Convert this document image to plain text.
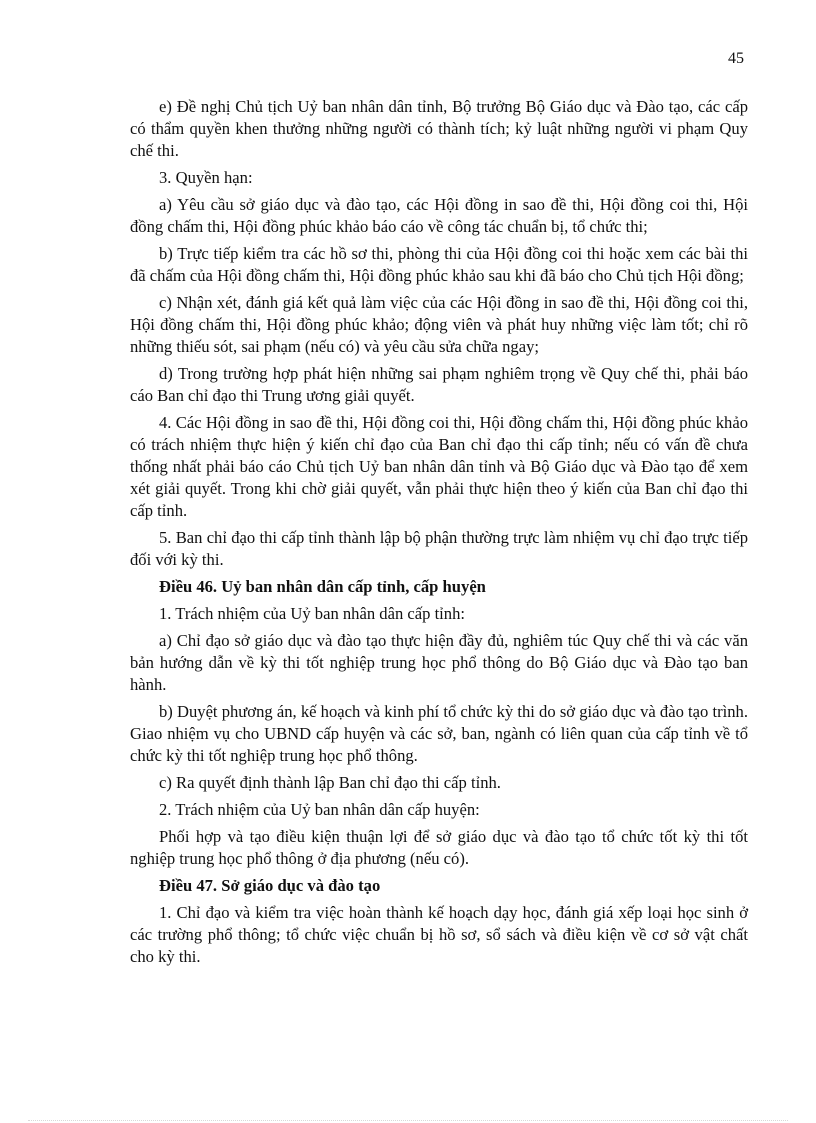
45

e) Đề nghị Chủ tịch Uỷ ban nhân dân tỉnh, Bộ trưởng Bộ Giáo dục và Đào tạo, các cấp có thẩm quyền khen thưởng những người có thành tích; kỷ luật những người vi phạm Quy chế thi.

3. Quyền hạn:

a) Yêu cầu sở giáo dục và đào tạo, các Hội đồng in sao đề thi, Hội đồng coi thi, Hội đồng chấm thi, Hội đồng phúc khảo báo cáo về công tác chuẩn bị, tổ chức thi;

b) Trực tiếp kiểm tra các hồ sơ thi, phòng thi của Hội đồng coi thi hoặc xem các bài thi đã chấm của Hội đồng chấm thi, Hội đồng phúc khảo sau khi đã báo cho Chủ tịch Hội đồng;

c) Nhận xét, đánh giá kết quả làm việc của các Hội đồng in sao đề thi, Hội đồng coi thi, Hội đồng chấm thi, Hội đồng phúc khảo; động viên và phát huy những việc làm tốt; chỉ rõ những thiếu sót, sai phạm (nếu có) và yêu cầu sửa chữa ngay;

d) Trong trường hợp phát hiện những sai phạm nghiêm trọng về Quy chế thi, phải báo cáo Ban chỉ đạo thi Trung ương giải quyết.

4. Các Hội đồng in sao đề thi, Hội đồng coi thi, Hội đồng chấm thi, Hội đồng phúc khảo có trách nhiệm thực hiện ý kiến chỉ đạo của Ban chỉ đạo thi cấp tỉnh; nếu có vấn đề chưa thống nhất phải báo cáo Chủ tịch Uỷ ban nhân dân tỉnh và Bộ Giáo dục và Đào tạo để xem xét giải quyết. Trong khi chờ giải quyết, vẫn phải thực hiện theo ý kiến của Ban chỉ đạo thi cấp tỉnh.

5. Ban chỉ đạo thi cấp tỉnh thành lập bộ phận thường trực làm nhiệm vụ chỉ đạo trực tiếp đối với kỳ thi.

Điều 46. Uỷ ban nhân dân cấp tỉnh, cấp huyện

1. Trách nhiệm của Uỷ ban nhân dân cấp tỉnh:

a) Chỉ đạo sở giáo dục và đào tạo thực hiện đầy đủ, nghiêm túc Quy chế thi và các văn bản hướng dẫn về kỳ thi tốt nghiệp trung học phổ thông do Bộ Giáo dục và Đào tạo ban hành.

b) Duyệt phương án, kế hoạch và kinh phí tổ chức kỳ thi do sở giáo dục và đào tạo trình. Giao nhiệm vụ cho UBND cấp huyện và các sở, ban, ngành có liên quan của cấp tỉnh về tổ chức kỳ thi tốt nghiệp trung học phổ thông.

c) Ra quyết định thành lập Ban chỉ đạo thi cấp tỉnh.

2. Trách nhiệm của Uỷ ban nhân dân cấp huyện:

Phối hợp và tạo điều kiện thuận lợi để sở giáo dục và đào tạo tổ chức tốt kỳ thi tốt nghiệp trung học phổ thông ở địa phương (nếu có).

Điều 47. Sở giáo dục và đào tạo

1. Chỉ đạo và kiểm tra việc hoàn thành kế hoạch dạy học, đánh giá xếp loại học sinh ở các trường phổ thông; tổ chức việc chuẩn bị hồ sơ, sổ sách và điều kiện về cơ sở vật chất cho kỳ thi.
